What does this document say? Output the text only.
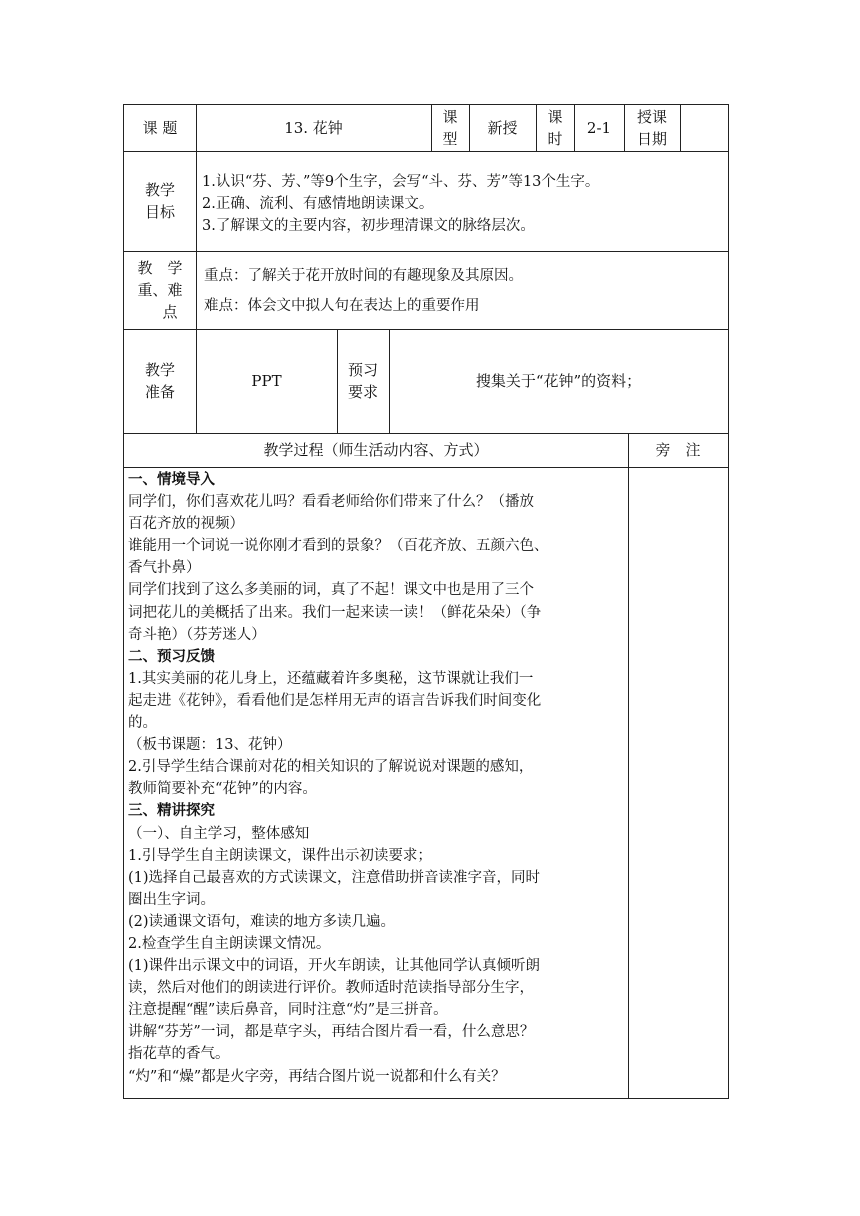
课 题	13. 花钟
课
型
新授
课
时
2-1
授课
日期
教学
目标

1.认识“芬、芳、”等9个生字，会写“斗、芬、芳”等13个生字。

2.正确、流利、有感情地朗读课文。

3.了解课文的主要内容，初步理清课文的脉络层次。

教　学
重、难
点

重点：了解关于花开放时间的有趣现象及其原因。

难点：体会文中拟人句在表达上的重要作用

教学
准备
PPT
预习
要求
搜集关于“花钟”的资料；
教学过程（师生活动内容、方式）	旁　注
一、情境导入
同学们，你们喜欢花儿吗？看看老师给你们带来了什么？（播放
百花齐放的视频）
谁能用一个词说一说你刚才看到的景象？（百花齐放、五颜六色、
香气扑鼻）
同学们找到了这么多美丽的词，真了不起！课文中也是用了三个
词把花儿的美概括了出来。我们一起来读一读！（鲜花朵朵）（争
奇斗艳）（芬芳迷人）
二、预习反馈
1.其实美丽的花儿身上，还蕴藏着许多奥秘，这节课就让我们一
起走进《花钟》，看看他们是怎样用无声的语言告诉我们时间变化
的。
（板书课题：13、花钟）
2.引导学生结合课前对花的相关知识的了解说说对课题的感知，
教师简要补充“花钟”的内容。
三、精讲探究
（一）、自主学习，整体感知
1.引导学生自主朗读课文，课件出示初读要求；
(1)选择自己最喜欢的方式读课文，注意借助拼音读准字音，同时
圈出生字词。
(2)读通课文语句，难读的地方多读几遍。
2.检查学生自主朗读课文情况。
(1)课件出示课文中的词语，开火车朗读，让其他同学认真倾听朗
读，然后对他们的朗读进行评价。教师适时范读指导部分生字，
注意提醒“醒”读后鼻音，同时注意“灼”是三拼音。
讲解“芬芳”一词，都是草字头，再结合图片看一看，什么意思？
指花草的香气。
“灼”和“燥”都是火字旁，再结合图片说一说都和什么有关？
